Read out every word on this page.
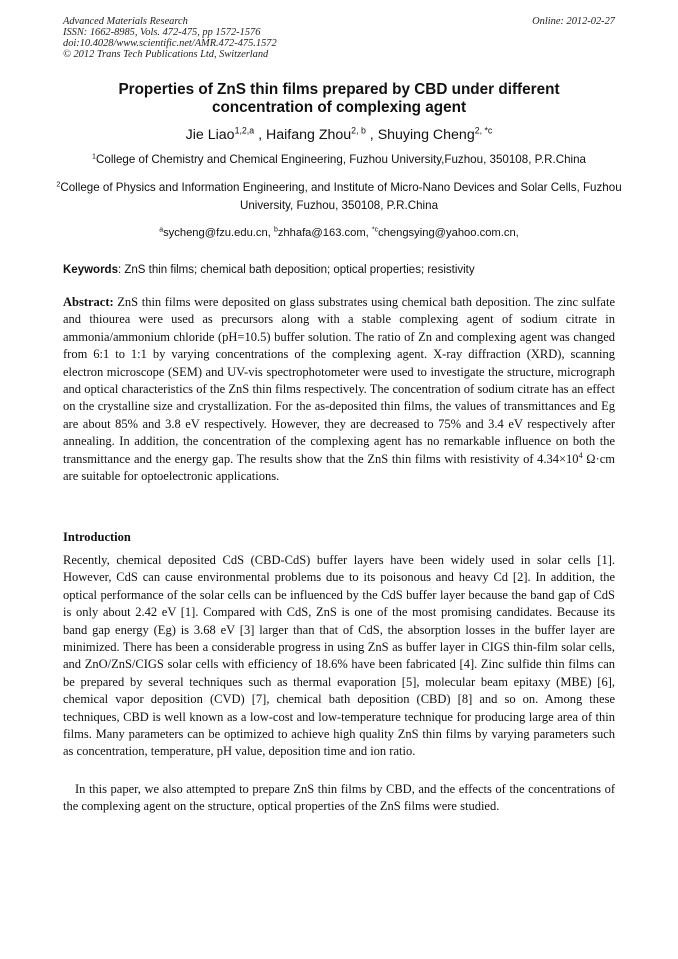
Advanced Materials Research
ISSN: 1662-8985, Vols. 472-475, pp 1572-1576
doi:10.4028/www.scientific.net/AMR.472-475.1572
© 2012 Trans Tech Publications Ltd, Switzerland
Online: 2012-02-27
Properties of ZnS thin films prepared by CBD under different
concentration of complexing agent
Jie Liao$^{1,2,a}$ , Haifang Zhou$^{2, b}$ , Shuying Cheng$^{2, *c}$
$^1$College of Chemistry and Chemical Engineering, Fuzhou University,Fuzhou, 350108, P.R.China
$^2$College of Physics and Information Engineering, and Institute of Micro-Nano Devices and Solar Cells, Fuzhou University, Fuzhou, 350108, P.R.China
$^a$sycheng@fzu.edu.cn, $^b$zhhafa@163.com, $^{*c}$chengsying@yahoo.com.cn,
Keywords: ZnS thin films; chemical bath deposition; optical properties; resistivity
Abstract: ZnS thin films were deposited on glass substrates using chemical bath deposition. The zinc sulfate and thiourea were used as precursors along with a stable complexing agent of sodium citrate in ammonia/ammonium chloride (pH=10.5) buffer solution. The ratio of Zn and complexing agent was changed from 6:1 to 1:1 by varying concentrations of the complexing agent. X-ray diffraction (XRD), scanning electron microscope (SEM) and UV-vis spectrophotometer were used to investigate the structure, micrograph and optical characteristics of the ZnS thin films respectively. The concentration of sodium citrate has an effect on the crystalline size and crystallization. For the as-deposited thin films, the values of transmittances and Eg are about 85% and 3.8 eV respectively. However, they are decreased to 75% and 3.4 eV respectively after annealing. In addition, the concentration of the complexing agent has no remarkable influence on both the transmittance and the energy gap. The results show that the ZnS thin films with resistivity of $4.34\times 10^4$ Ω·cm are suitable for optoelectronic applications.
Introduction
Recently, chemical deposited CdS (CBD-CdS) buffer layers have been widely used in solar cells [1]. However, CdS can cause environmental problems due to its poisonous and heavy Cd [2]. In addition, the optical performance of the solar cells can be influenced by the CdS buffer layer because the band gap of CdS is only about 2.42 eV [1]. Compared with CdS, ZnS is one of the most promising candidates. Because its band gap energy (Eg) is 3.68 eV [3] larger than that of CdS, the absorption losses in the buffer layer are minimized. There has been a considerable progress in using ZnS as buffer layer in CIGS thin-film solar cells, and ZnO/ZnS/CIGS solar cells with efficiency of 18.6% have been fabricated [4]. Zinc sulfide thin films can be prepared by several techniques such as thermal evaporation [5], molecular beam epitaxy (MBE) [6], chemical vapor deposition (CVD) [7], chemical bath deposition (CBD) [8] and so on. Among these techniques, CBD is well known as a low-cost and low-temperature technique for producing large area of thin films. Many parameters can be optimized to achieve high quality ZnS thin films by varying parameters such as concentration, temperature, pH value, deposition time and ion ratio.
In this paper, we also attempted to prepare ZnS thin films by CBD, and the effects of the concentrations of the complexing agent on the structure, optical properties of the ZnS films were studied.
